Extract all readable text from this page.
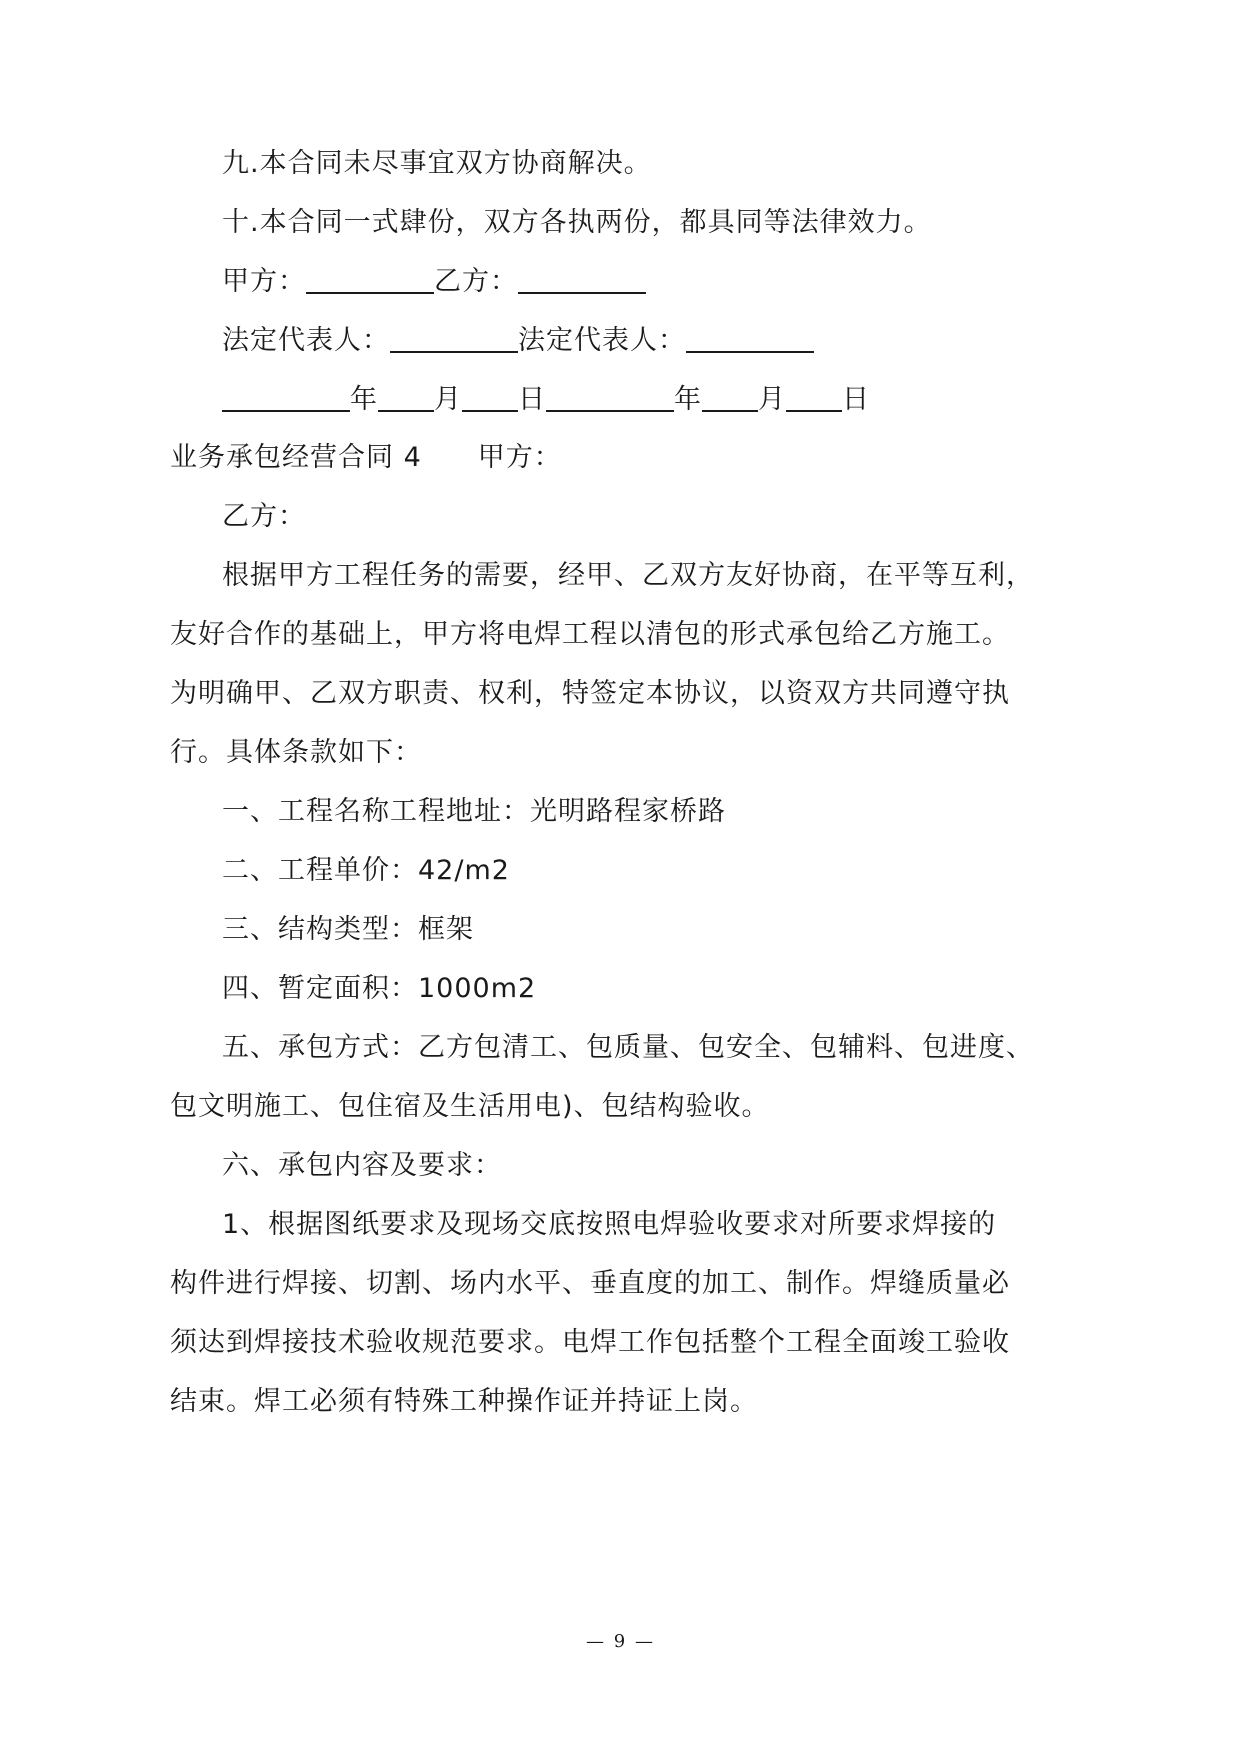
九.本合同未尽事宜双方协商解决。
十.本合同一式肆份，双方各执两份，都具同等法律效力。
甲方：	乙方：
法定代表人：	法定代表人：
年 月 日	年 月 日
业务承包经营合同 4 甲方：
乙方：
根据甲方工程任务的需要，经甲、乙双方友好协商，在平等互利，
友好合作的基础上，甲方将电焊工程以清包的形式承包给乙方施工。
为明确甲、乙双方职责、权利，特签定本协议，以资双方共同遵守执
行。具体条款如下：
一、工程名称工程地址：光明路程家桥路
二、工程单价：42/m2
三、结构类型：框架
四、暂定面积：1000m2
五、承包方式：乙方包清工、包质量、包安全、包辅料、包进度、
包文明施工、包住宿及生活用电)、包结构验收。
六、承包内容及要求：
1、根据图纸要求及现场交底按照电焊验收要求对所要求焊接的
构件进行焊接、切割、场内水平、垂直度的加工、制作。焊缝质量必
须达到焊接技术验收规范要求。电焊工作包括整个工程全面竣工验收
结束。焊工必须有特殊工种操作证并持证上岗。
— 9 —
